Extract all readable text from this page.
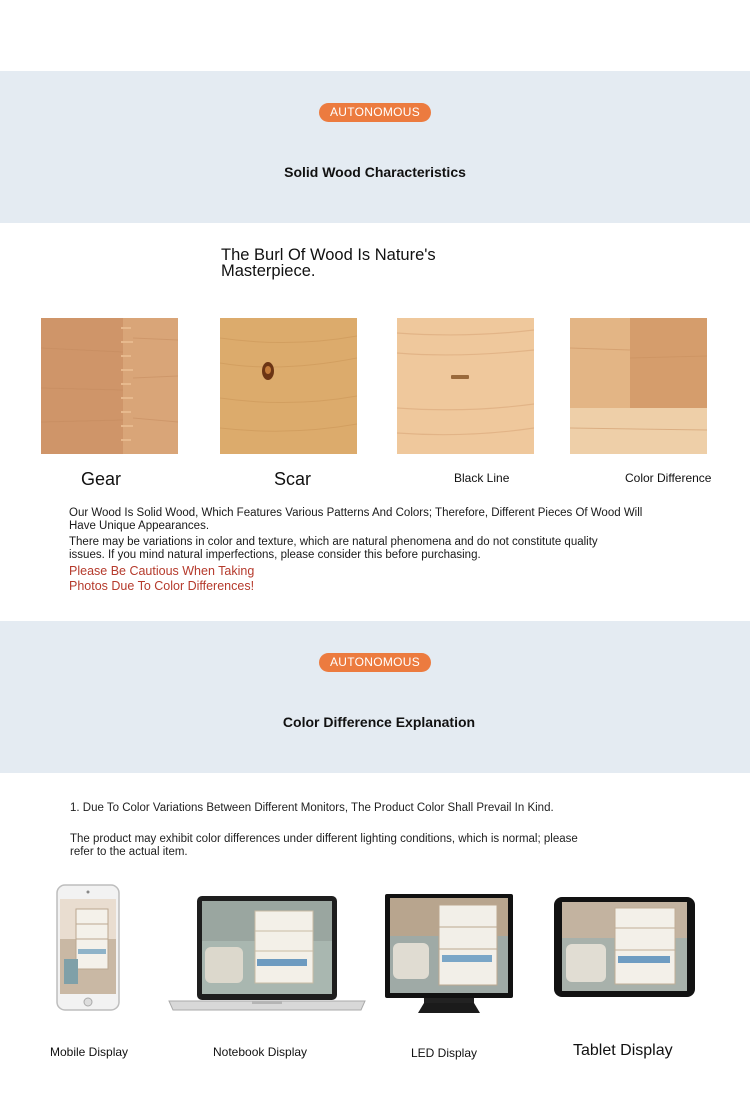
AUTONOMOUS
Solid Wood Characteristics
The Burl Of Wood Is Nature's
Masterpiece.
Gear	Scar	Black Line	Color Difference
Our Wood Is Solid Wood, Which Features Various Patterns And Colors; Therefore, Different Pieces Of Wood Will
Have Unique Appearances.
There may be variations in color and texture, which are natural phenomena and do not constitute quality
issues. If you mind natural imperfections, please consider this before purchasing.
Please Be Cautious When Taking
Photos Due To Color Differences!
AUTONOMOUS
Color Difference Explanation
1. Due To Color Variations Between Different Monitors, The Product Color Shall Prevail In Kind.
The product may exhibit color differences under different lighting conditions, which is normal; please
refer to the actual item.
Mobile Display	Notebook Display	LED Display	Tablet Display
